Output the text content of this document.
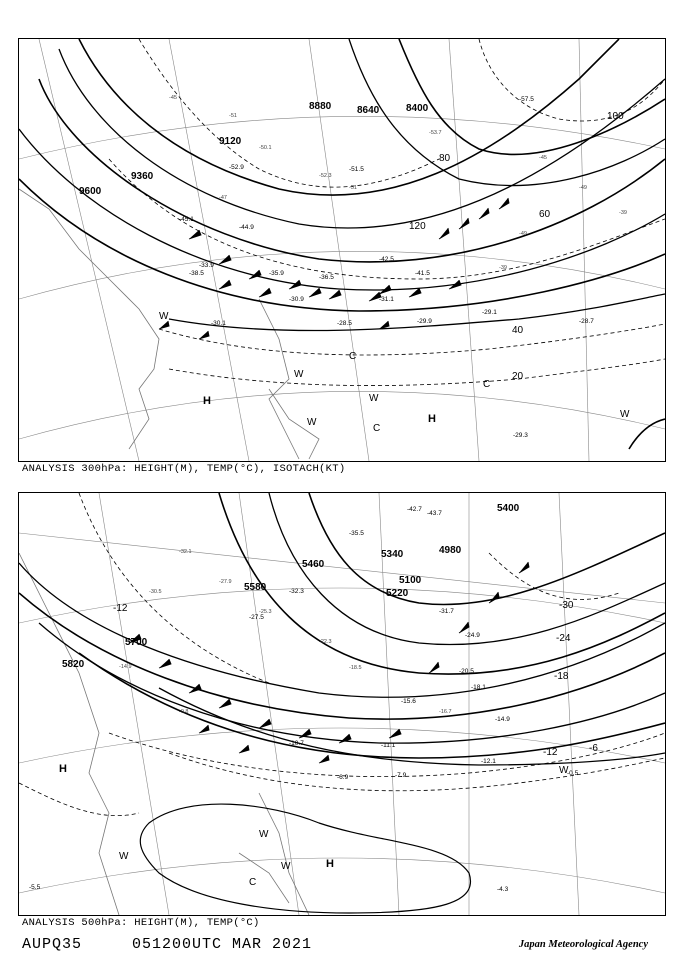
-45
-51
-50.1
-52.3
-51
-53.7
-45
-49
-39
-39
-49
-47
8880	8640	8400
9120
9360
9600
20
40
60
80
100
120
-57.5
-52.9	-51.5
-45.1
-44.9
-42.5
-41.5
-38.5
-36.5
-35.9
-33.9
-31.1
-30.9
-30.1	-29.9
-29.3
-29.1
-28.7
-28.5
H
H
W
W
W
W
W
C
C
C
ANALYSIS 300hPa: HEIGHT(M), TEMP(°C), ISOTACH(KT)
-32.1
-27.9
-25.3
-22.3
-18.5
-16.7
-30.5
-14.9
-9.8
5820
5700
5580
5460
5340
5220
5100
4980
5400
-6
-12
-18
-24
-30
-12
-42.7
-43.7
-35.5
-32.3
-31.7
-27.5
-24.9
-20.5
-18.1
-15.6
-14.9
-12.1
-11.1
-10.7
-7.9
-6.9
-5.5	-4.3
-0.5
H
H
W
W
W
W
C
ANALYSIS 500hPa: HEIGHT(M), TEMP(°C)
AUPQ35	051200UTC MAR 2021	Japan Meteorological Agency
